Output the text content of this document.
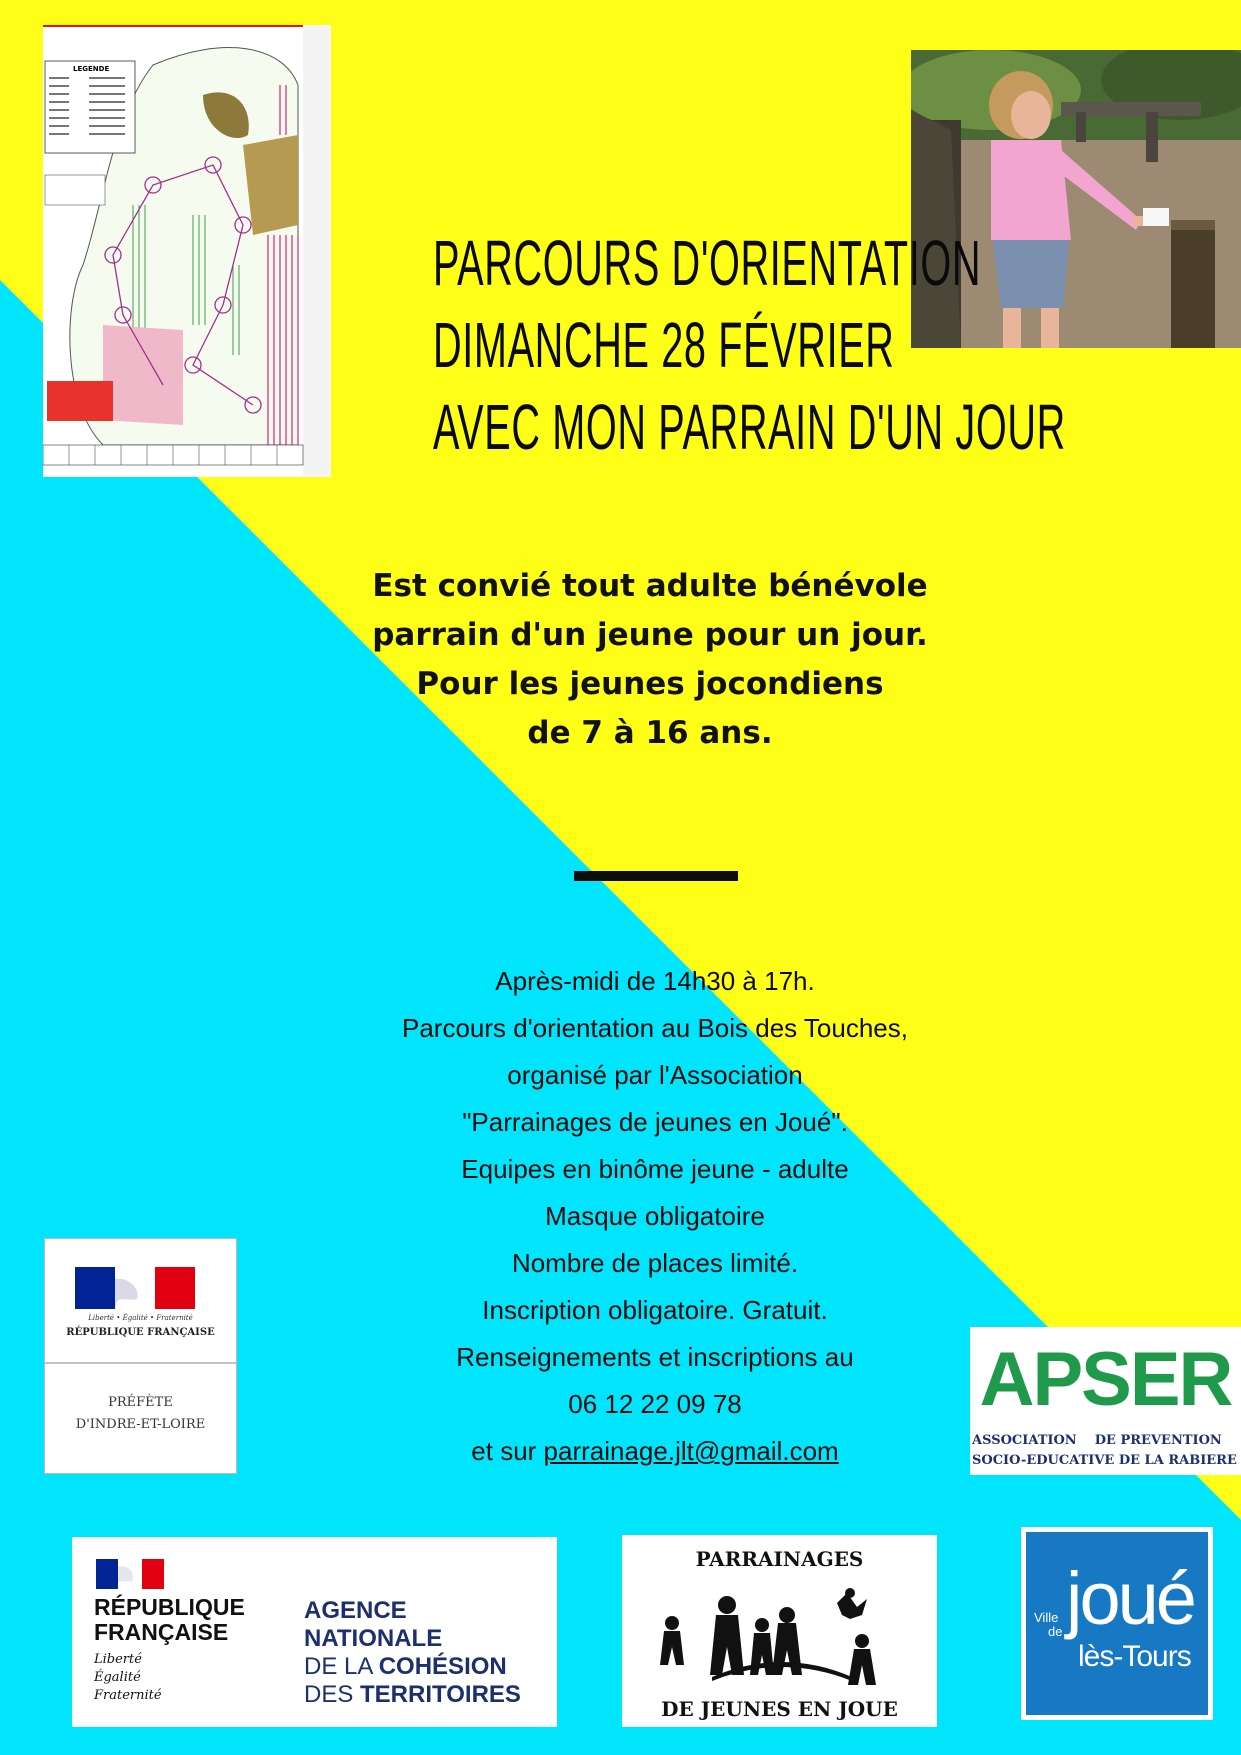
LEGENDE
PARCOURS D'ORIENTATION
DIMANCHE 28 FÉVRIER
AVEC MON PARRAIN D'UN JOUR
Est convié tout adulte bénévole
parrain d'un jeune pour un jour.
Pour les jeunes jocondiens
de 7 à 16 ans.
Après-midi de 14h30 à 17h.
Parcours d'orientation au Bois des Touches,
organisé par l'Association
"Parrainages de jeunes en Joué".
Equipes en binôme jeune - adulte
Masque obligatoire
Nombre de places limité.
Inscription obligatoire. Gratuit.
Renseignements et inscriptions au
06 12 22 09 78
et sur parrainage.jlt@gmail.com
Liberté • Égalité • Fraternité
RÉPUBLIQUE FRANÇAISE
PRÉFÈTE
D'INDRE-ET-LOIRE
APSER
ASSOCIATION    DE PREVENTION
SOCIO-EDUCATIVE DE LA RABIERE
RÉPUBLIQUE
FRANÇAISE
Liberté
Égalité
Fraternité
AGENCE
NATIONALE
DE LA COHÉSION
DES TERRITOIRES
PARRAINAGES
DE JEUNES EN JOUE
Ville
de joué
lès-Tours
